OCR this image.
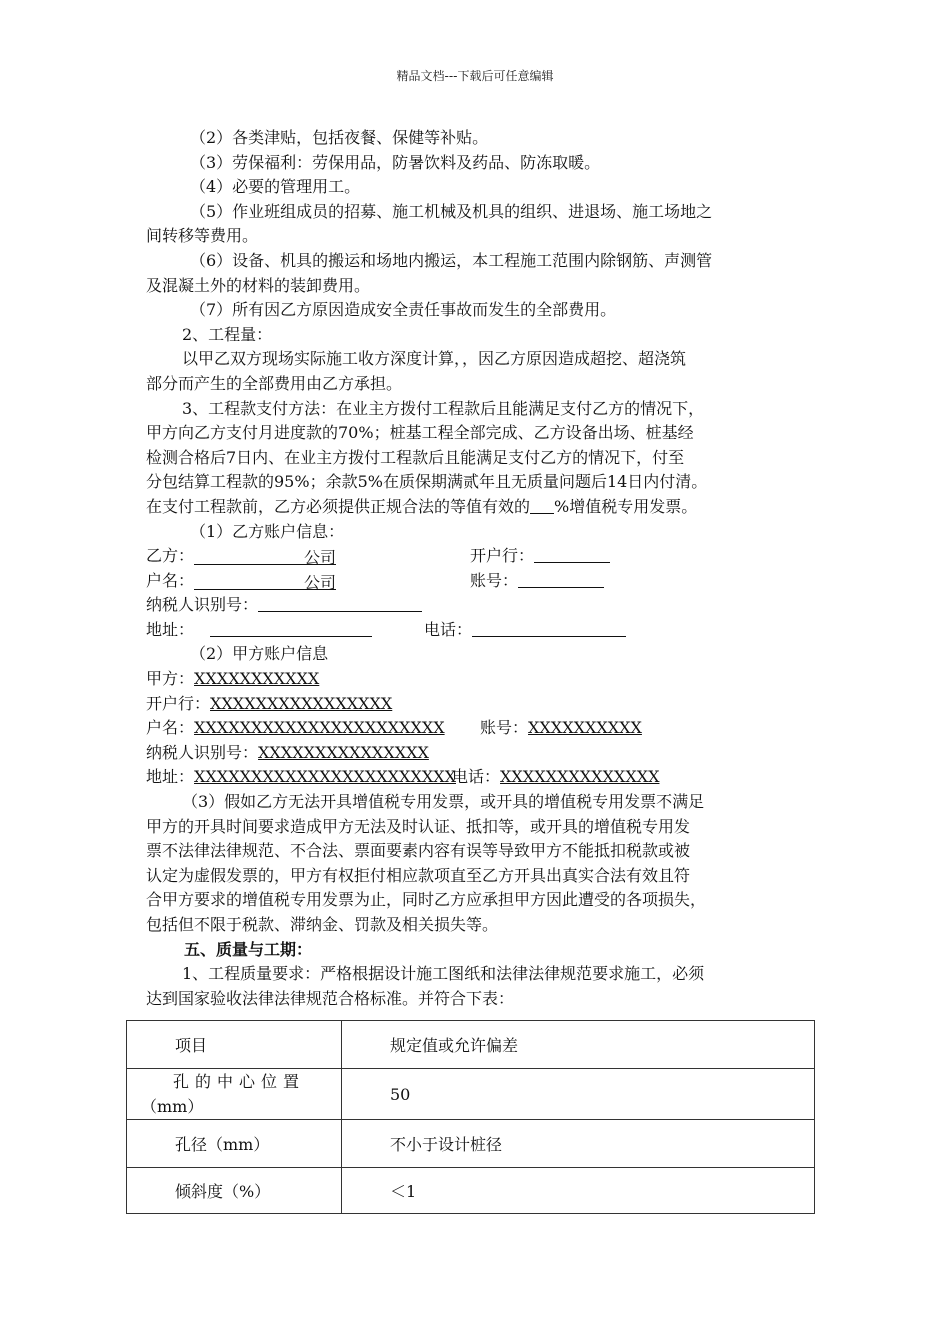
精品文档---下载后可任意编辑
（2）各类津贴，包括夜餐、保健等补贴。
（3）劳保福利：劳保用品，防暑饮料及药品、防冻取暖。
（4）必要的管理用工。
（5）作业班组成员的招募、施工机械及机具的组织、进退场、施工场地之
间转移等费用。
（6）设备、机具的搬运和场地内搬运，本工程施工范围内除钢筋、声测管
及混凝土外的材料的装卸费用。
（7）所有因乙方原因造成安全责任事故而发生的全部费用。
2、工程量：
以甲乙双方现场实际施工收方深度计算，，因乙方原因造成超挖、超浇筑
部分而产生的全部费用由乙方承担。
3、工程款支付方法：在业主方拨付工程款后且能满足支付乙方的情况下，
甲方向乙方支付月进度款的70%；桩基工程全部完成、乙方设备出场、桩基经
检测合格后7日内、在业主方拨付工程款后且能满足支付乙方的情况下，付至
分包结算工程款的95%；余款5%在质保期满贰年且无质量问题后14日内付清。
在支付工程款前，乙方必须提供正规合法的等值有效的 %增值税专用发票。
（1）乙方账户信息：
乙方：	公司	开户行：
户名：	公司	账号：
纳税人识别号：
地址：	电话：
（2）甲方账户信息
甲方：XXXXXXXXXXX
开户行：XXXXXXXXXXXXXXXX
户名：XXXXXXXXXXXXXXXXXXXXXX 账号：XXXXXXXXXX
纳税人识别号：XXXXXXXXXXXXXXX
地址：XXXXXXXXXXXXXXXXXXXXXXX
电话：XXXXXXXXXXXXXX
（3）假如乙方无法开具增值税专用发票，或开具的增值税专用发票不满足
甲方的开具时间要求造成甲方无法及时认证、抵扣等，或开具的增值税专用发
票不法律法律规范、不合法、票面要素内容有误等导致甲方不能抵扣税款或被
认定为虚假发票的，甲方有权拒付相应款项直至乙方开具出真实合法有效且符
合甲方要求的增值税专用发票为止，同时乙方应承担甲方因此遭受的各项损失，
包括但不限于税款、滞纳金、罚款及相关损失等。
五、质量与工期：
1、工程质量要求：严格根据设计施工图纸和法律法律规范要求施工，必须
达到国家验收法律法律规范合格标准。并符合下表：
项目	规定值或允许偏差

孔的中心位置
（mm）	50
孔径（mm）	不小于设计桩径
倾斜度（%）	＜1
